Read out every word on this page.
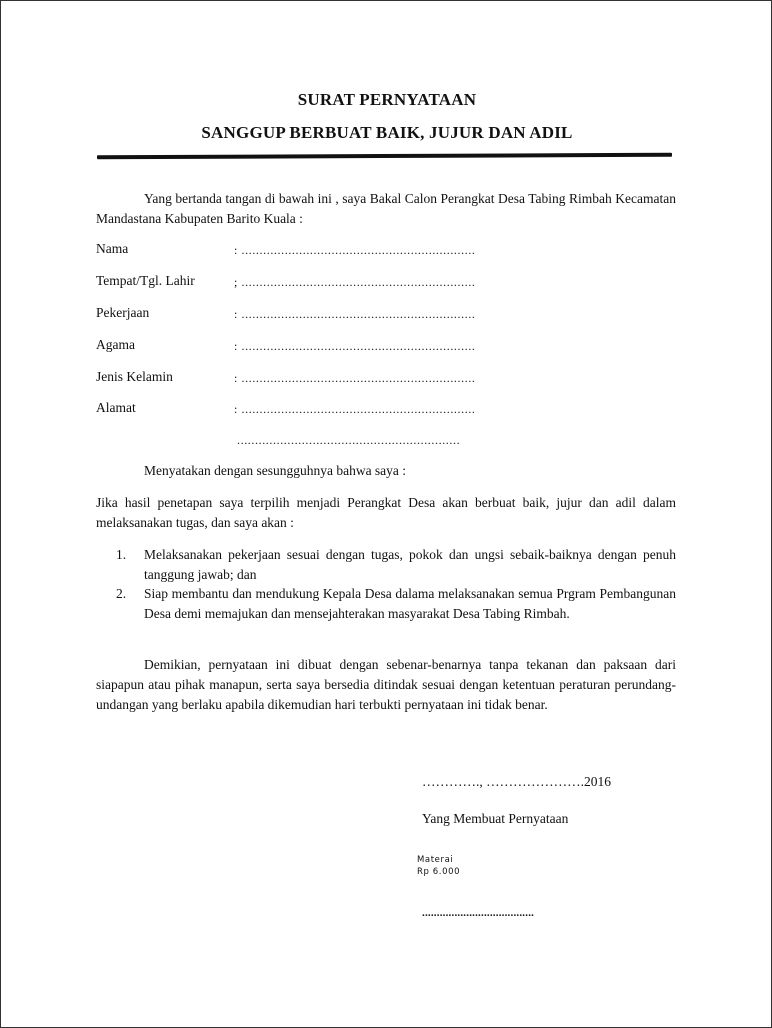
SURAT PERNYATAAN
SANGGUP BERBUAT BAIK, JUJUR DAN ADIL
Yang bertanda tangan di bawah ini , saya Bakal Calon Perangkat Desa Tabing Rimbah Kecamatan Mandastana Kabupaten Barito Kuala :
Nama	: .................................................................
Tempat/Tgl. Lahir	; .................................................................
Pekerjaan	: .................................................................
Agama	: .................................................................
Jenis Kelamin	: .................................................................
Alamat	: .................................................................
..............................................................
Menyatakan dengan sesungguhnya bahwa saya :
Jika hasil penetapan saya terpilih menjadi Perangkat Desa akan berbuat baik, jujur dan adil dalam melaksanakan tugas, dan saya akan :
1. Melaksanakan pekerjaan sesuai dengan tugas, pokok dan ungsi sebaik-baiknya dengan penuh tanggung jawab; dan
2. Siap membantu dan mendukung Kepala Desa dalama melaksanakan semua Prgram Pembangunan Desa demi memajukan dan mensejahterakan masyarakat Desa Tabing Rimbah.
Demikian, pernyataan ini dibuat dengan sebenar-benarnya tanpa tekanan dan paksaan dari siapapun atau pihak manapun, serta saya bersedia ditindak sesuai dengan ketentuan peraturan perundang-undangan yang berlaku apabila dikemudian hari terbukti pernyataan ini tidak benar.
…………., ………………….2016
Yang Membuat Pernyataan
Materai
Rp 6.000
......................................
